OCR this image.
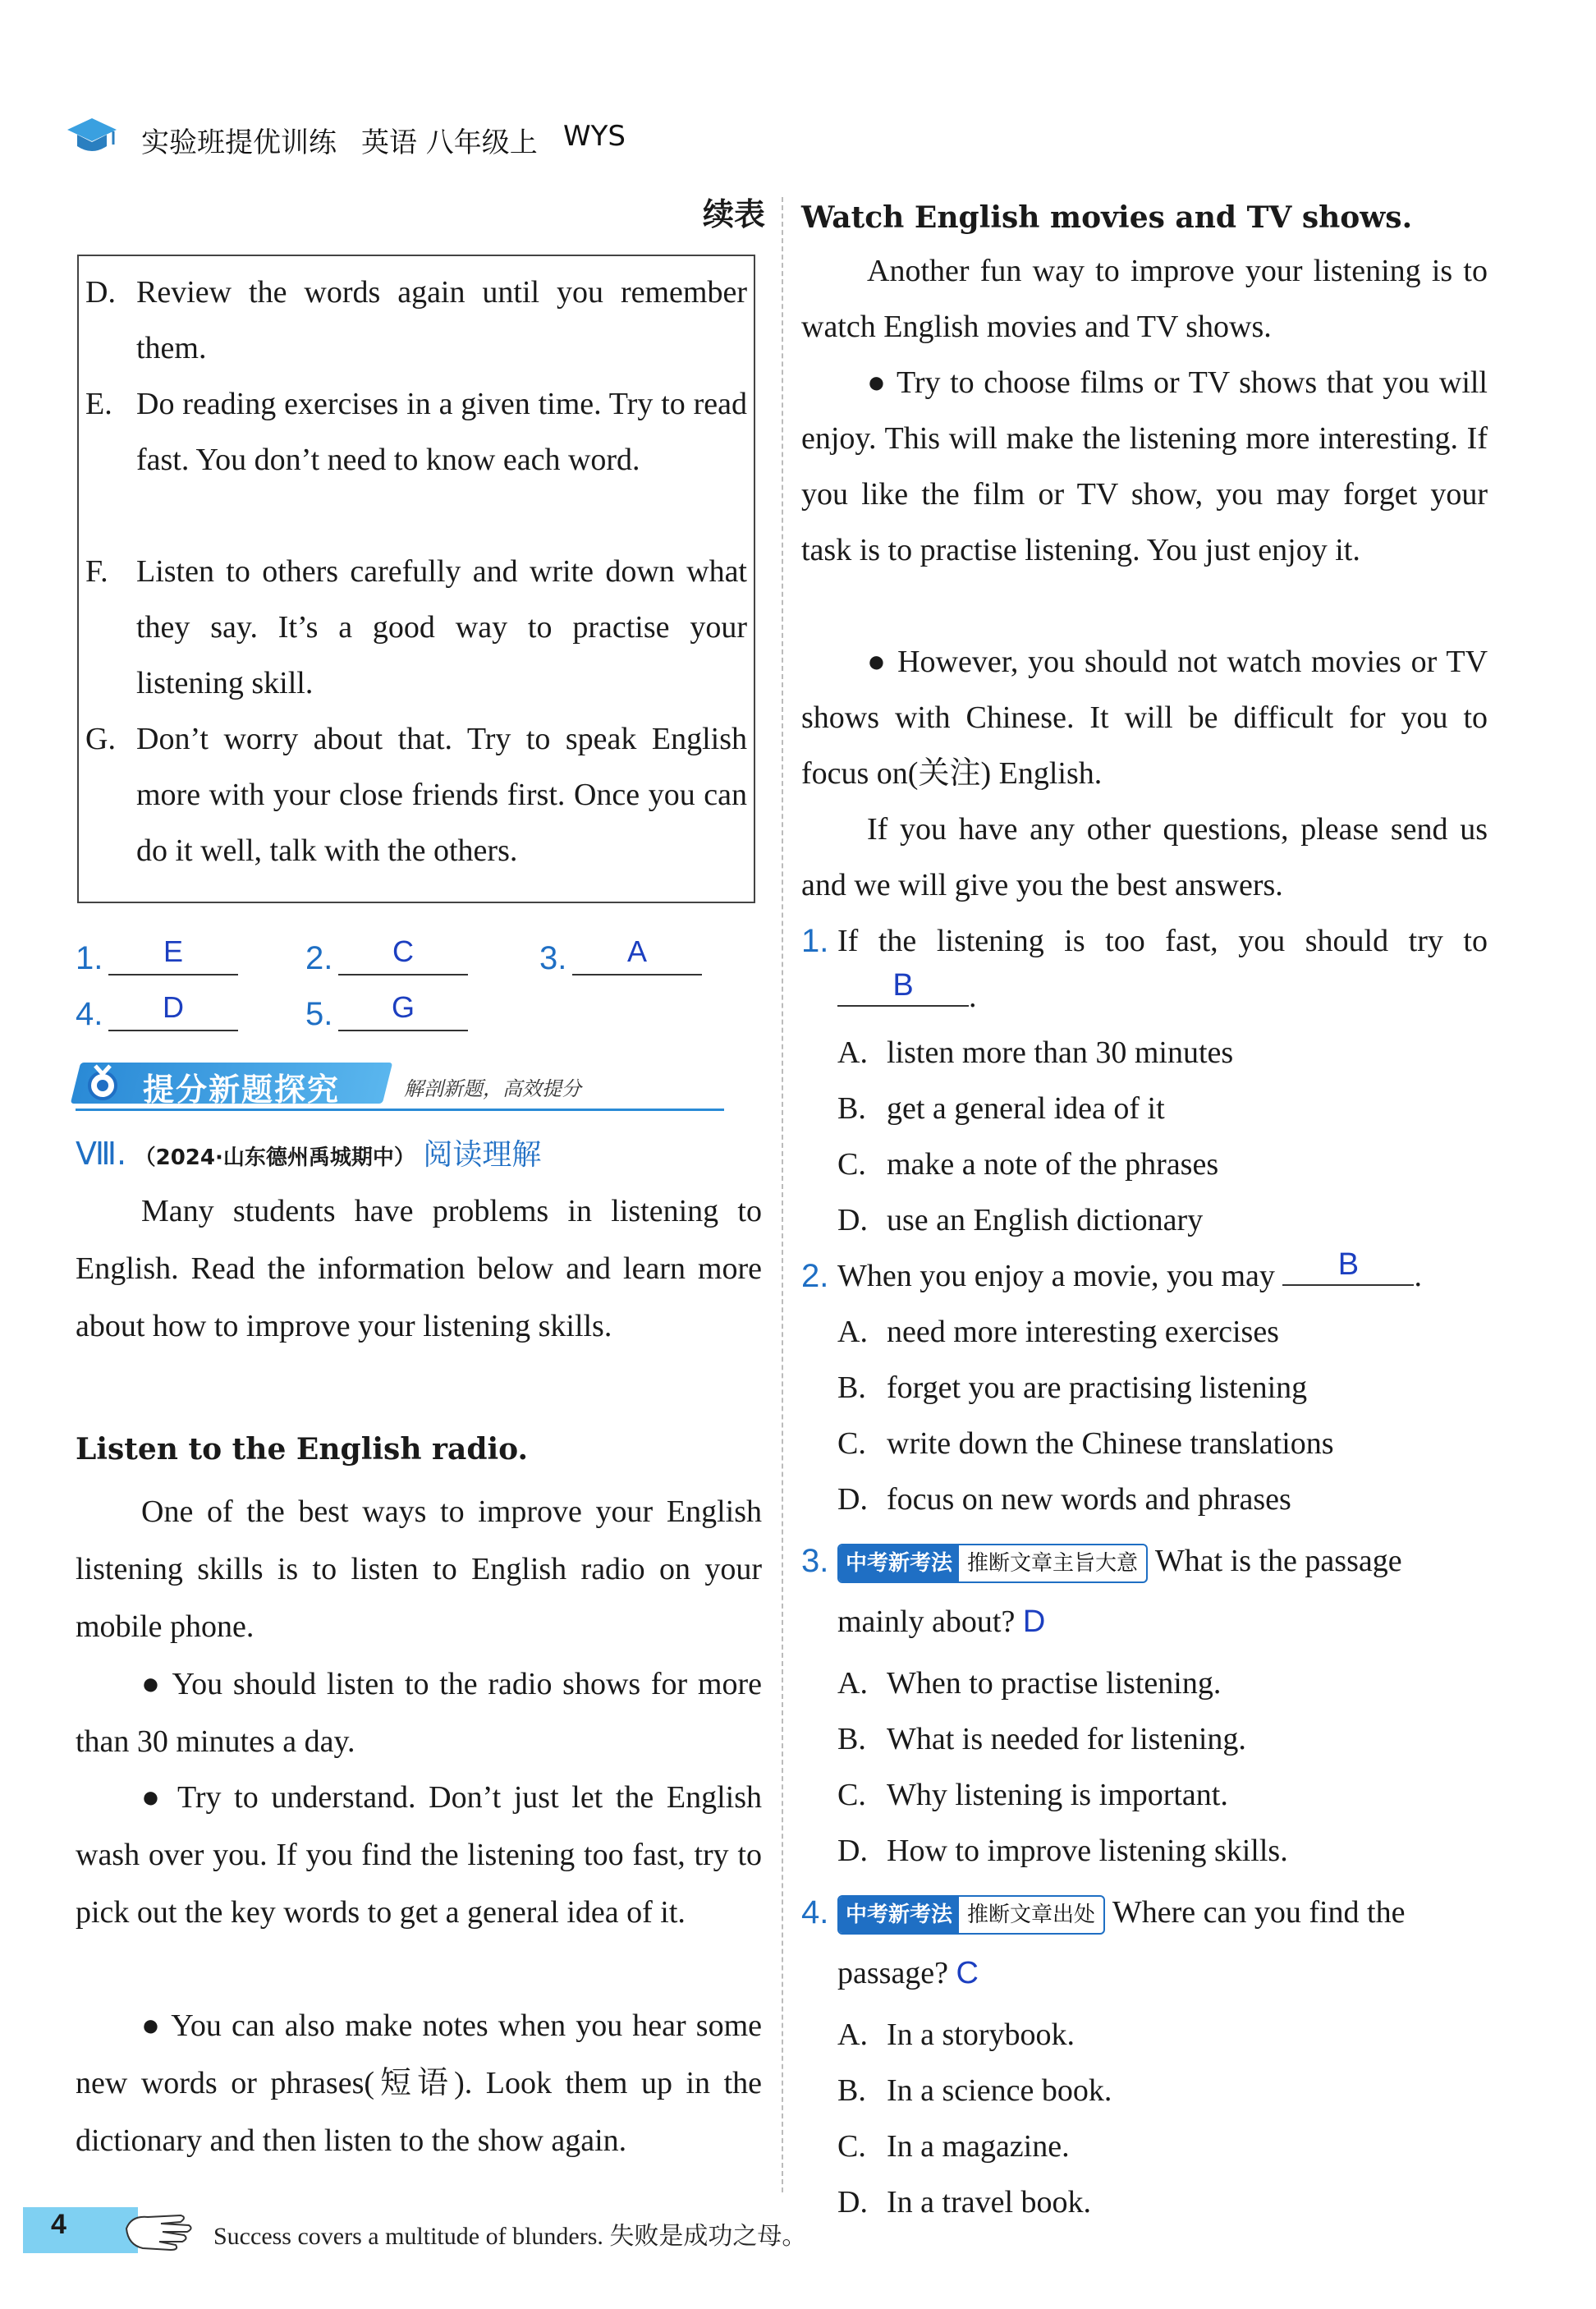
实验班提优训练 英语 八年级上 WYS
续表
D. Review the words again until you remember them.
E. Do reading exercises in a given time. Try to read fast. You don’t need to know each word.
F. Listen to others carefully and write down what they say. It’s a good way to practise your listening skill.
G. Don’t worry about that. Try to speak English more with your close friends first. Once you can do it well, talk with the others.
1.	E	2.	C	3.	A
4.	D	5.	G
提分新题探究	解剖新题，高效提分
Ⅷ. （2024·山东德州禹城期中） 阅读理解
Many students have problems in listening to English. Read the information below and learn more about how to improve your listening skills.
Listen to the English radio.
One of the best ways to improve your English listening skills is to listen to English radio on your mobile phone.
● You should listen to the radio shows for more than 30 minutes a day.
● Try to understand. Don’t just let the English wash over you. If you find the listening too fast, try to pick out the key words to get a general idea of it.
● You can also make notes when you hear some new words or phrases(短语). Look them up in the dictionary and then listen to the show again.
Watch English movies and TV shows.
Another fun way to improve your listening is to watch English movies and TV shows.
● Try to choose films or TV shows that you will enjoy. This will make the listening more interesting. If you like the film or TV show, you may forget your task is to practise listening. You just enjoy it.
● However, you should not watch movies or TV shows with Chinese. It will be difficult for you to focus on(关注) English.
If you have any other questions, please send us and we will give you the best answers.
1. If the listening is too fast, you should try to
B	.
A. listen more than 30 minutes
B. get a general idea of it
C. make a note of the phrases
D. use an English dictionary
2. When you enjoy a movie, you may	B	.
A. need more interesting exercises
B. forget you are practising listening
C. write down the Chinese translations
D. focus on new words and phrases
3. 中考新考法 推断文章主旨大意 What is the passage
mainly about? D
A. When to practise listening.
B. What is needed for listening.
C. Why listening is important.
D. How to improve listening skills.
4. 中考新考法 推断文章出处 Where can you find the
passage? C
A. In a storybook.
B. In a science book.
C. In a magazine.
D. In a travel book.
4	Success covers a multitude of blunders. 失败是成功之母。
